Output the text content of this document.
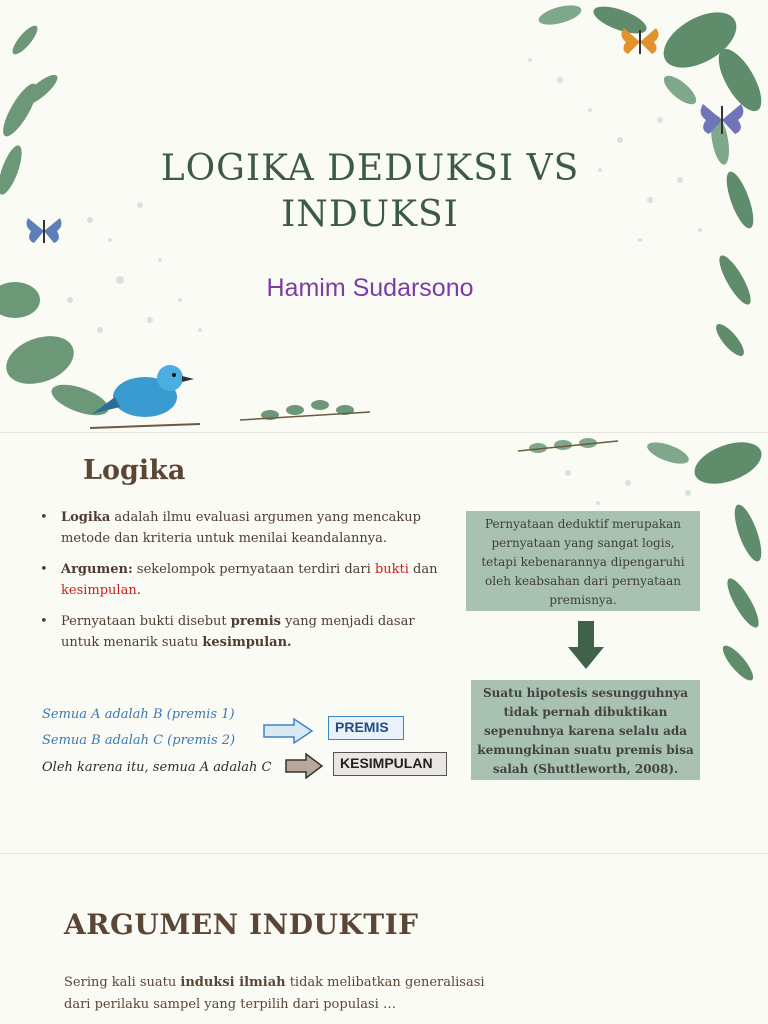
LOGIKA DEDUKSI VS INDUKSI
Hamim Sudarsono
Logika
• Logika adalah ilmu evaluasi argumen yang mencakup metode dan kriteria untuk menilai keandalannya.
• Argumen: sekelompok pernyataan terdiri dari bukti dan kesimpulan.
• Pernyataan bukti disebut premis yang menjadi dasar untuk menarik suatu kesimpulan.
Semua A adalah B (premis 1)
Semua B adalah C (premis 2)
Oleh karena itu, semua A adalah C
PREMIS
KESIMPULAN
Pernyataan deduktif merupakan pernyataan yang sangat logis, tetapi kebenarannya dipengaruhi oleh keabsahan dari pernyataan premisnya.
Suatu hipotesis sesungguhnya tidak pernah dibuktikan sepenuhnya karena selalu ada kemungkinan suatu premis bisa salah (Shuttleworth, 2008).
ARGUMEN INDUKTIF
Sering kali suatu induksi ilmiah tidak melibatkan generalisasi dari perilaku sampel yang terpilih dari populasi …
